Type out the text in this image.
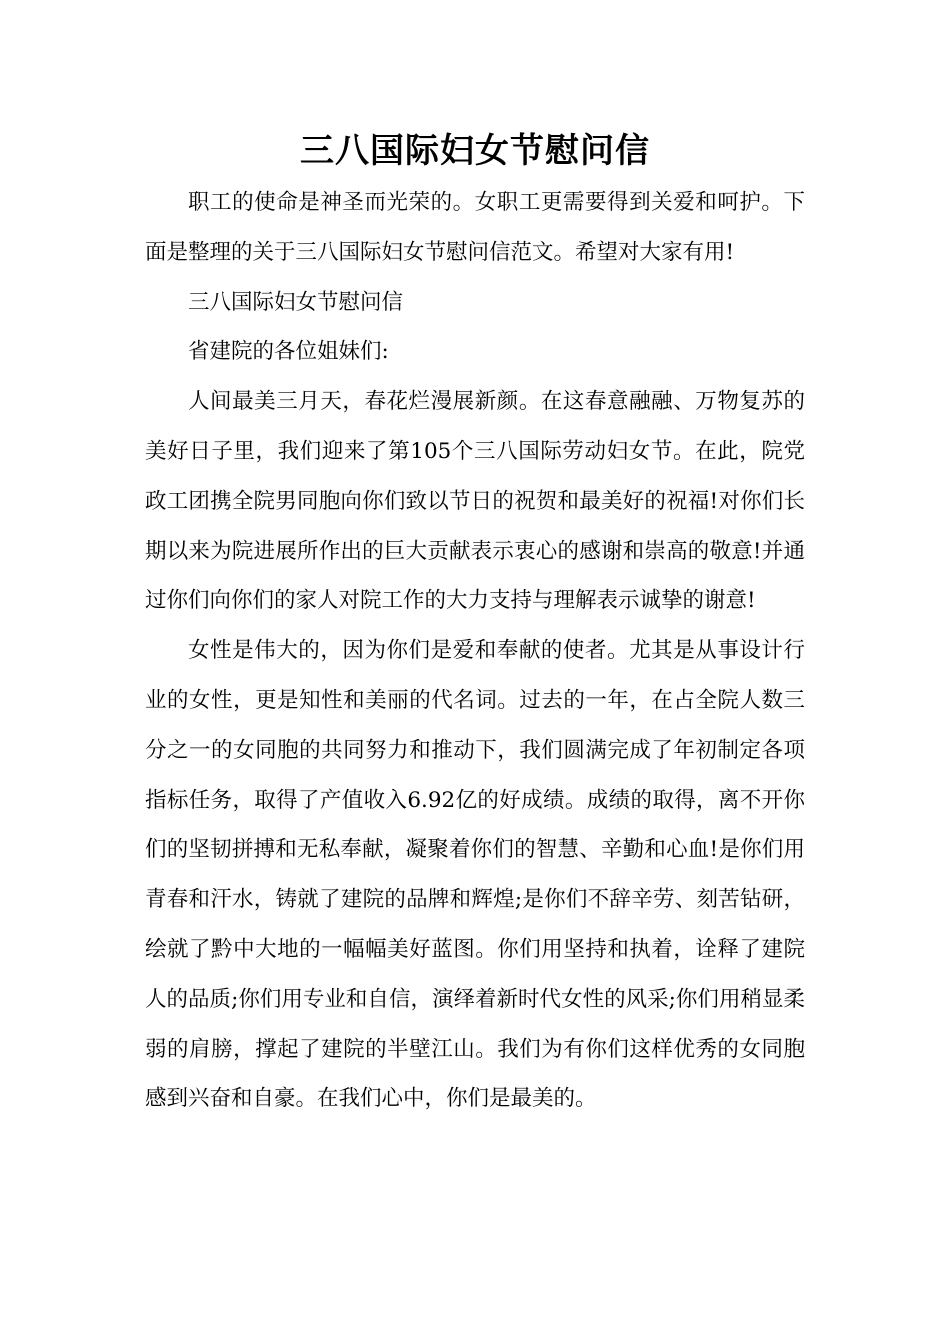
三八国际妇女节慰问信

职工的使命是神圣而光荣的。女职工更需要得到关爱和呵护。下面是整理的关于三八国际妇女节慰问信范文。希望对大家有用!

三八国际妇女节慰问信

省建院的各位姐妹们:

人间最美三月天，春花烂漫展新颜。在这春意融融、万物复苏的美好日子里，我们迎来了第105个三八国际劳动妇女节。在此，院党政工团携全院男同胞向你们致以节日的祝贺和最美好的祝福!对你们长期以来为院进展所作出的巨大贡献表示衷心的感谢和崇高的敬意!并通过你们向你们的家人对院工作的大力支持与理解表示诚挚的谢意!

女性是伟大的，因为你们是爱和奉献的使者。尤其是从事设计行业的女性，更是知性和美丽的代名词。过去的一年，在占全院人数三分之一的女同胞的共同努力和推动下，我们圆满完成了年初制定各项指标任务，取得了产值收入6.92亿的好成绩。成绩的取得，离不开你们的坚韧拼搏和无私奉献，凝聚着你们的智慧、辛勤和心血!是你们用青春和汗水，铸就了建院的品牌和辉煌;是你们不辞辛劳、刻苦钻研，绘就了黔中大地的一幅幅美好蓝图。你们用坚持和执着，诠释了建院人的品质;你们用专业和自信，演绎着新时代女性的风采;你们用稍显柔弱的肩膀，撑起了建院的半壁江山。我们为有你们这样优秀的女同胞感到兴奋和自豪。在我们心中，你们是最美的。
